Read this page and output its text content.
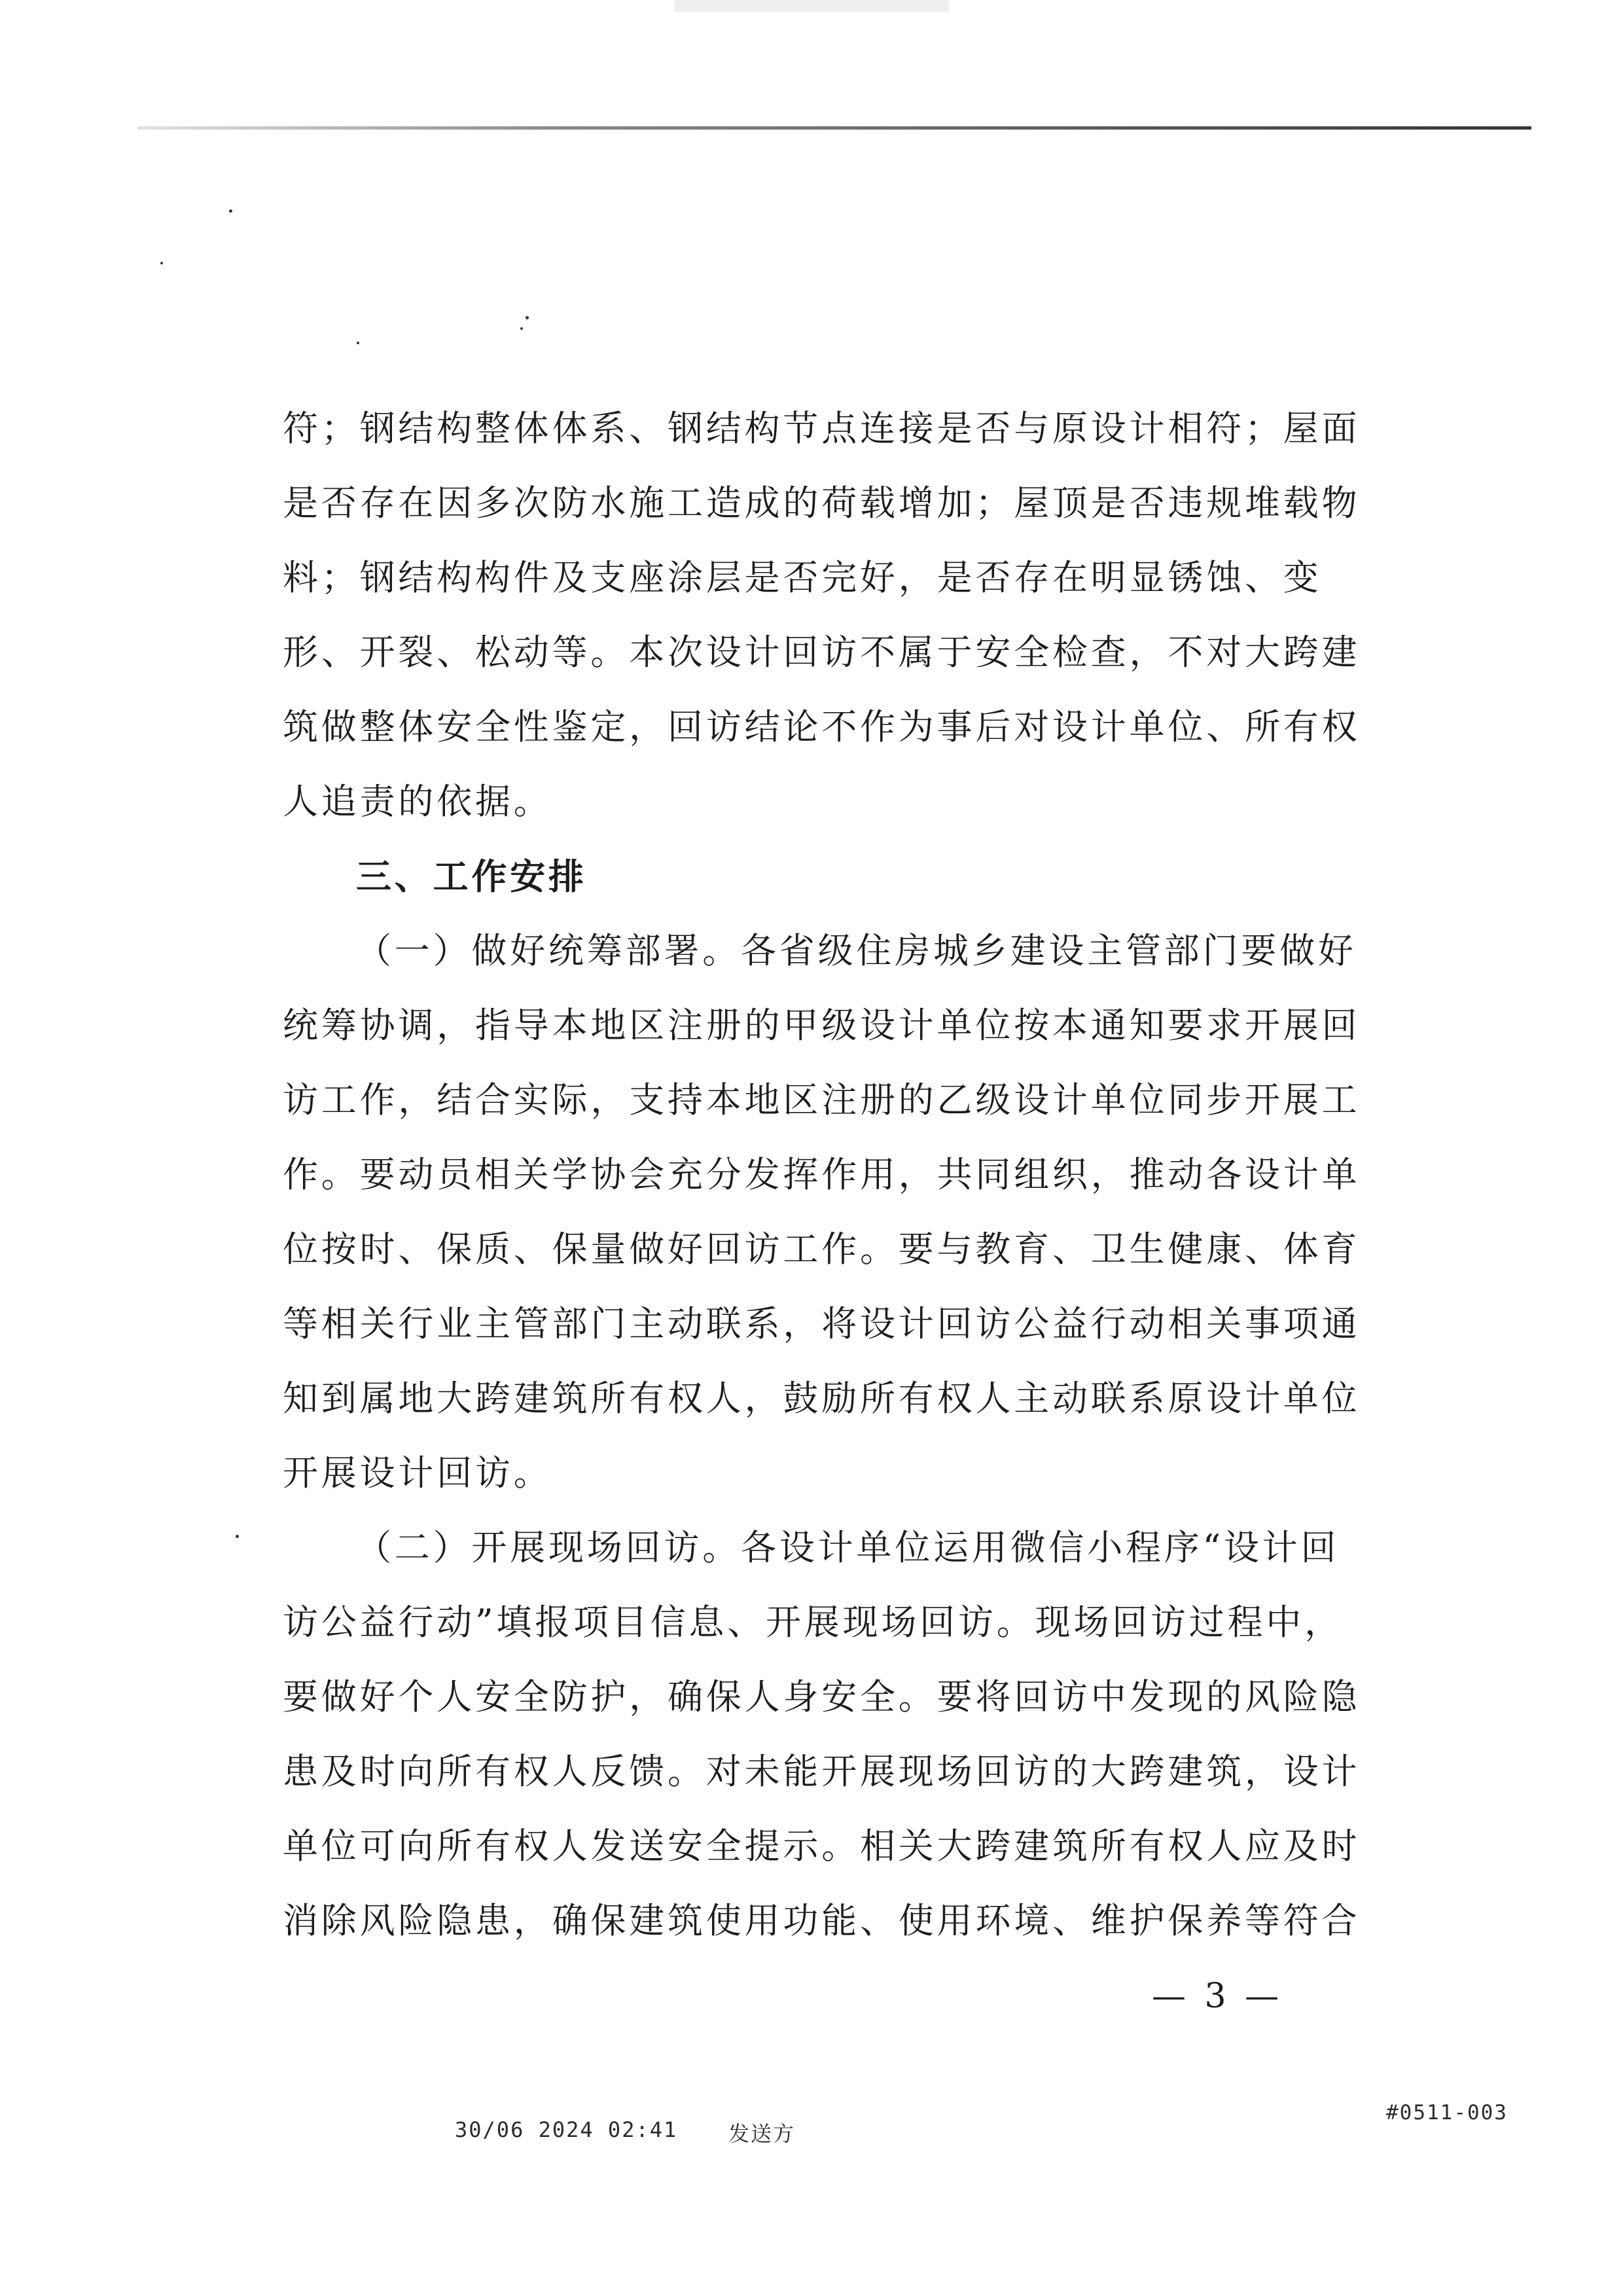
符；钢结构整体体系、钢结构节点连接是否与原设计相符；屋面
是否存在因多次防水施工造成的荷载增加；屋顶是否违规堆载物
料；钢结构构件及支座涂层是否完好，是否存在明显锈蚀、变
形、开裂、松动等。本次设计回访不属于安全检查，不对大跨建
筑做整体安全性鉴定，回访结论不作为事后对设计单位、所有权
人追责的依据。
三、工作安排
（一）做好统筹部署。各省级住房城乡建设主管部门要做好
统筹协调，指导本地区注册的甲级设计单位按本通知要求开展回
访工作，结合实际，支持本地区注册的乙级设计单位同步开展工
作。要动员相关学协会充分发挥作用，共同组织，推动各设计单
位按时、保质、保量做好回访工作。要与教育、卫生健康、体育
等相关行业主管部门主动联系，将设计回访公益行动相关事项通
知到属地大跨建筑所有权人，鼓励所有权人主动联系原设计单位
开展设计回访。
（二）开展现场回访。各设计单位运用微信小程序“设计回
访公益行动”填报项目信息、开展现场回访。现场回访过程中，
要做好个人安全防护，确保人身安全。要将回访中发现的风险隐
患及时向所有权人反馈。对未能开展现场回访的大跨建筑，设计
单位可向所有权人发送安全提示。相关大跨建筑所有权人应及时
消除风险隐患，确保建筑使用功能、使用环境、维护保养等符合
— 3 —
30/06 2024 02:41 发送方
#0511-003
